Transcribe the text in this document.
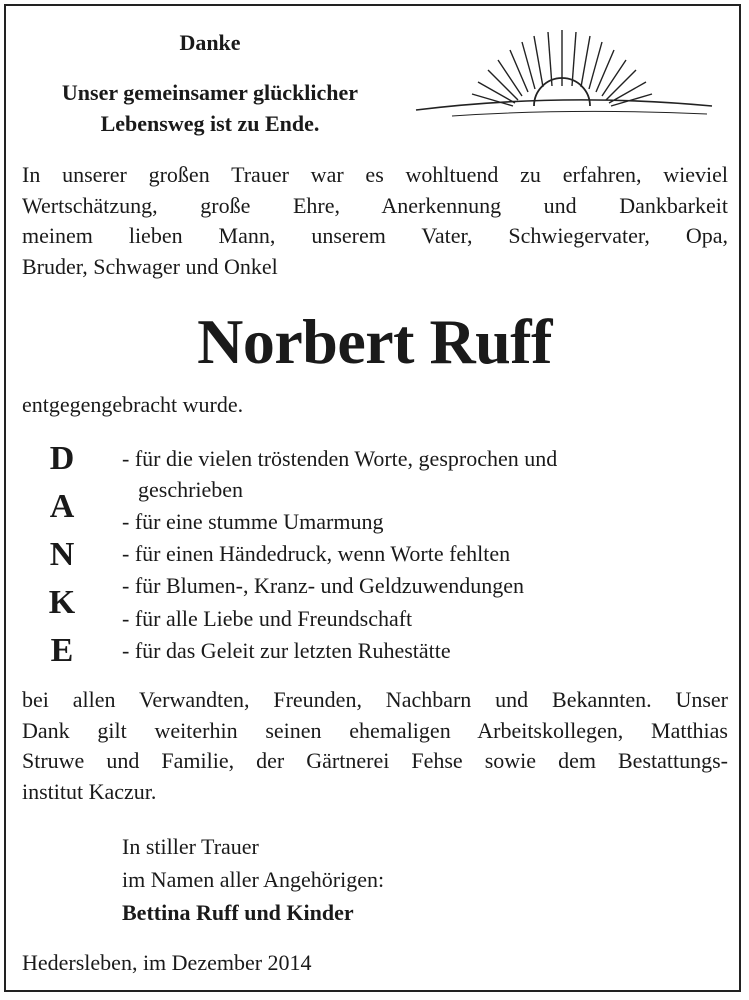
Danke
Unser gemeinsamer glücklicher
Lebensweg ist zu Ende.
In unserer großen Trauer war es wohltuend zu erfahren, wieviel
Wertschätzung, große Ehre, Anerkennung und Dankbarkeit
meinem lieben Mann, unserem Vater, Schwiegervater, Opa,
Bruder, Schwager und Onkel
Norbert Ruff
entgegengebracht wurde.
D
A
N
K
E
- für die vielen tröstenden Worte, gesprochen und
geschrieben
- für eine stumme Umarmung
- für einen Händedruck, wenn Worte fehlten
- für Blumen-, Kranz- und Geldzuwendungen
- für alle Liebe und Freundschaft
- für das Geleit zur letzten Ruhestätte
bei allen Verwandten, Freunden, Nachbarn und Bekannten. Unser
Dank gilt weiterhin seinen ehemaligen Arbeitskollegen, Matthias
Struwe und Familie, der Gärtnerei Fehse sowie dem Bestattungs-
institut Kaczur.
In stiller Trauer
im Namen aller Angehörigen:
Bettina Ruff und Kinder
Hedersleben, im Dezember 2014
